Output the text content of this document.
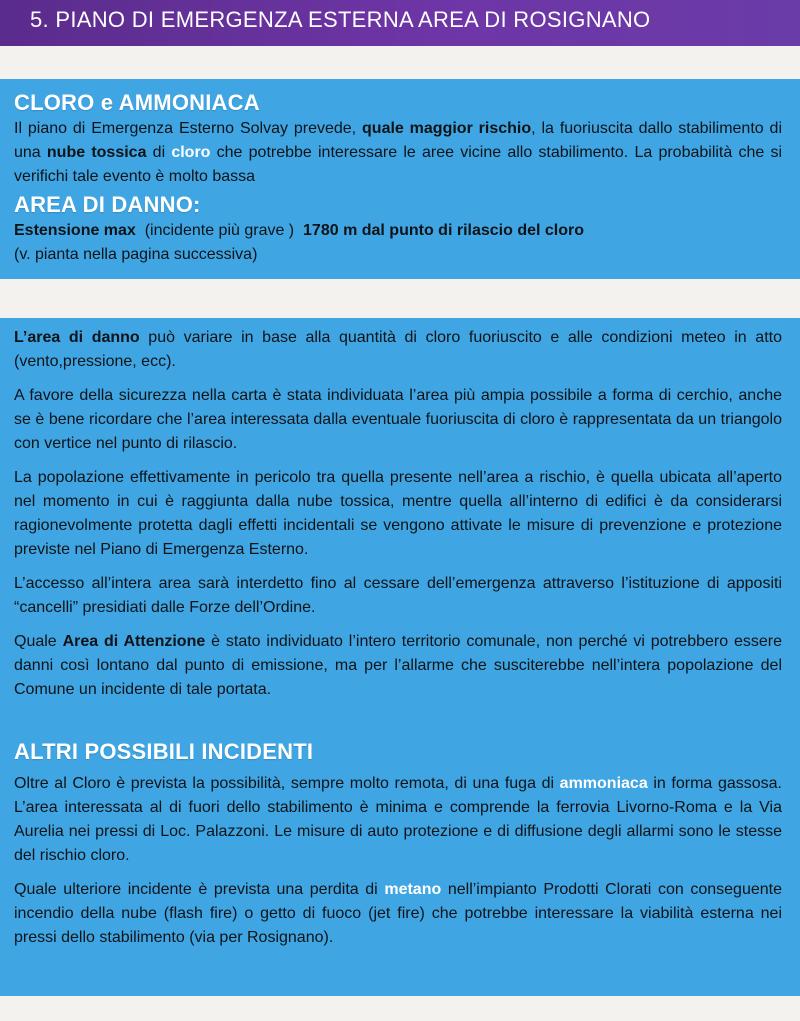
5. PIANO DI EMERGENZA ESTERNA AREA DI ROSIGNANO
CLORO e AMMONIACA

Il piano di Emergenza Esterno Solvay prevede, quale maggior rischio, la fuoriuscita dallo stabilimento di una nube tossica di cloro che potrebbe interessare le aree vicine allo stabilimento. La probabilità che si verifichi tale evento è molto bassa

AREA DI DANNO:

Estensione max  (incidente più grave )  1780 m dal punto di rilascio del cloro

(v. pianta nella pagina successiva)

L’area di danno può variare in base alla quantità di cloro fuoriuscito e alle condizioni meteo in atto (vento,pressione, ecc).

A favore della sicurezza nella carta è stata individuata l’area più ampia possibile a forma di cerchio, anche se è bene ricordare che l’area interessata dalla eventuale fuoriuscita di cloro è rappresentata da un triangolo con vertice nel punto di rilascio.

La popolazione effettivamente in pericolo tra quella presente nell’area a rischio, è quella ubicata all’aperto nel momento in cui è raggiunta dalla nube tossica, mentre quella all’interno di edifici è da considerarsi ragionevolmente protetta dagli effetti incidentali se vengono attivate le misure di prevenzione e protezione previste nel Piano di Emergenza Esterno.

L’accesso all’intera area sarà interdetto fino al cessare dell’emergenza attraverso l’istituzione di appositi “cancelli” presidiati dalle Forze dell’Ordine.

Quale Area di Attenzione è stato individuato l’intero territorio comunale, non perché vi potrebbero essere danni così lontano dal punto di emissione, ma per l’allarme che susciterebbe nell’intera popolazione del Comune un incidente di tale portata.

ALTRI POSSIBILI INCIDENTI

Oltre al Cloro è prevista la possibilità, sempre molto remota, di una fuga di ammoniaca in forma gassosa. L’area interessata al di fuori dello stabilimento è minima e comprende la ferrovia Livorno-Roma e la Via Aurelia nei pressi di Loc. Palazzoni. Le misure di auto protezione e di diffusione degli allarmi sono le stesse del rischio cloro.

Quale ulteriore incidente è prevista una perdita di metano nell’impianto Prodotti Clorati con conseguente incendio della nube (flash fire) o getto di fuoco (jet fire) che potrebbe interessare la viabilità esterna nei pressi dello stabilimento (via per Rosignano).
